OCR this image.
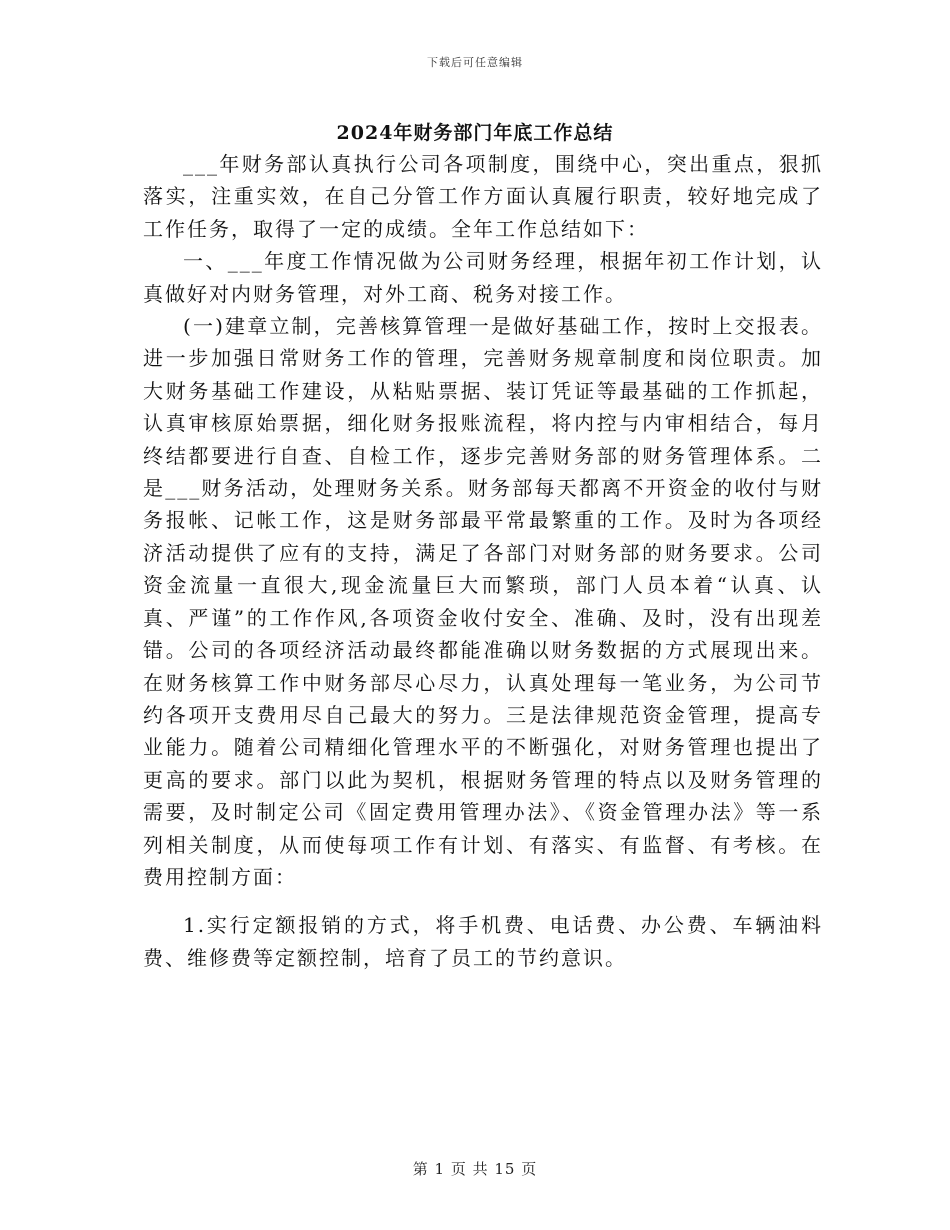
下载后可任意编辑
2024年财务部门年底工作总结

___年财务部认真执行公司各项制度，围绕中心，突出重点，狠抓落实，注重实效，在自己分管工作方面认真履行职责，较好地完成了工作任务，取得了一定的成绩。全年工作总结如下：

一、___年度工作情况做为公司财务经理，根据年初工作计划，认真做好对内财务管理，对外工商、税务对接工作。

(一)建章立制，完善核算管理一是做好基础工作，按时上交报表。进一步加强日常财务工作的管理，完善财务规章制度和岗位职责。加大财务基础工作建设，从粘贴票据、装订凭证等最基础的工作抓起，认真审核原始票据，细化财务报账流程，将内控与内审相结合，每月终结都要进行自查、自检工作，逐步完善财务部的财务管理体系。二是___财务活动，处理财务关系。财务部每天都离不开资金的收付与财务报帐、记帐工作，这是财务部最平常最繁重的工作。及时为各项经济活动提供了应有的支持，满足了各部门对财务部的财务要求。公司资金流量一直很大,现金流量巨大而繁琐，部门人员本着“认真、认真、严谨”的工作作风,各项资金收付安全、准确、及时，没有出现差错。公司的各项经济活动最终都能准确以财务数据的方式展现出来。在财务核算工作中财务部尽心尽力，认真处理每一笔业务，为公司节约各项开支费用尽自己最大的努力。三是法律规范资金管理，提高专业能力。随着公司精细化管理水平的不断强化，对财务管理也提出了更高的要求。部门以此为契机，根据财务管理的特点以及财务管理的需要，及时制定公司《固定费用管理办法》、《资金管理办法》等一系列相关制度，从而使每项工作有计划、有落实、有监督、有考核。在费用控制方面：

1.实行定额报销的方式，将手机费、电话费、办公费、车辆油料费、维修费等定额控制，培育了员工的节约意识。

第 1 页 共 15 页
